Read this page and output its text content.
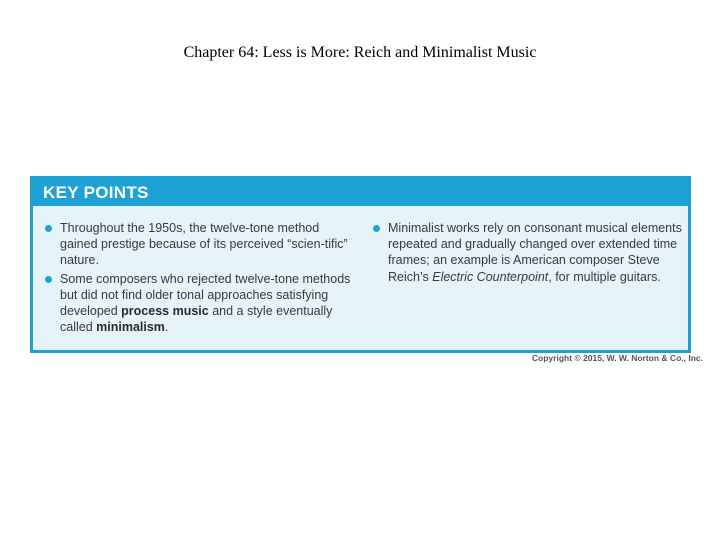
Chapter 64: Less is More: Reich and Minimalist Music
KEY POINTS
Throughout the 1950s, the twelve-tone method gained prestige because of its perceived “scien-tific” nature.
Some composers who rejected twelve-tone methods but did not find older tonal approaches satisfying developed process music and a style eventually called minimalism.
Minimalist works rely on consonant musical elements repeated and gradually changed over extended time frames; an example is American composer Steve Reich’s Electric Counterpoint, for multiple guitars.
Copyright © 2015, W. W. Norton & Co., Inc.
